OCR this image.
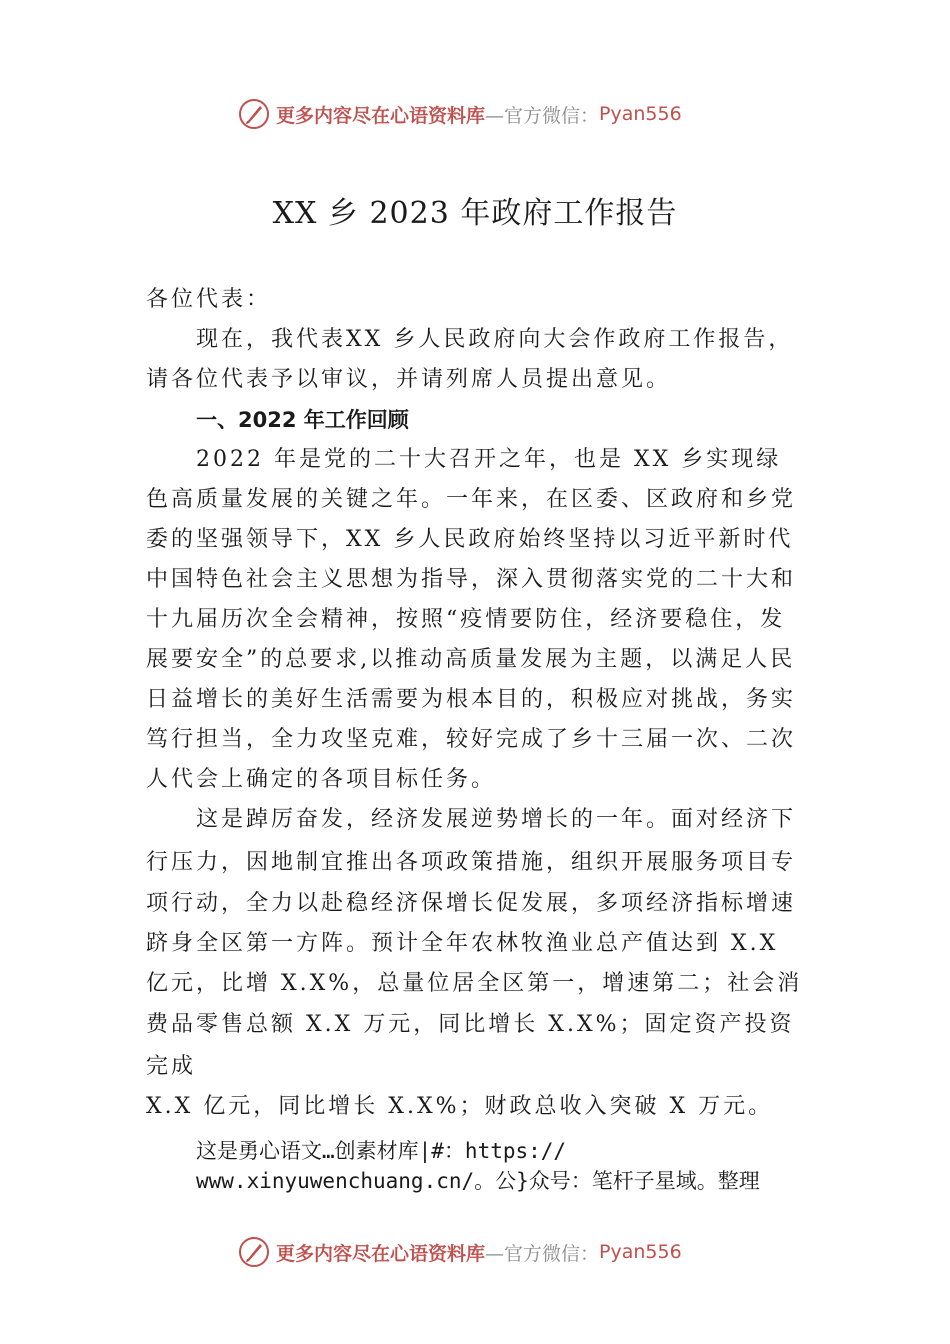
更多内容尽在心语资料库 —官方微信： Pyan556
XX 乡 2023 年政府工作报告

各位代表：

现在，我代表XX 乡人民政府向大会作政府工作报告， 请各位代表予以审议，并请列席人员提出意见。

一、2022 年工作回顾

2022 年是党的二十大召开之年，也是 XX 乡实现绿色高质量发展的关键之年。一年来，在区委、区政府和乡党委的坚强领导下，XX 乡人民政府始终坚持以习近平新时代中国特色社会主义思想为指导，深入贯彻落实党的二十大和十九届历次全会精神，按照“疫情要防住，经济要稳住，发展要安全”的总要求,以推动高质量发展为主题，以满足人民日益增长的美好生活需要为根本目的，积极应对挑战，务实笃行担当，全力攻坚克难，较好完成了乡十三届一次、二次人代会上确定的各项目标任务。

这是踔厉奋发，经济发展逆势增长的一年。面对经济下
行压力，因地制宜推出各项政策措施，组织开展服务项目专
项行动，全力以赴稳经济保增长促发展，多项经济指标增速
跻身全区第一方阵。预计全年农林牧渔业总产值达到 X.X
亿元，比增 X.X%，总量位居全区第一，增速第二；社会消
费品零售总额 X.X 万元，同比增长 X.X%；固定资产投资
完成
X.X 亿元，同比增长 X.X%；财政总收入突破 X 万元。
这是勇心语文…创素材库|#：https://
www.xinyuwenchuang.cn/。公}众号：笔杆子星域。整理
更多内容尽在心语资料库 —官方微信： Pyan556
